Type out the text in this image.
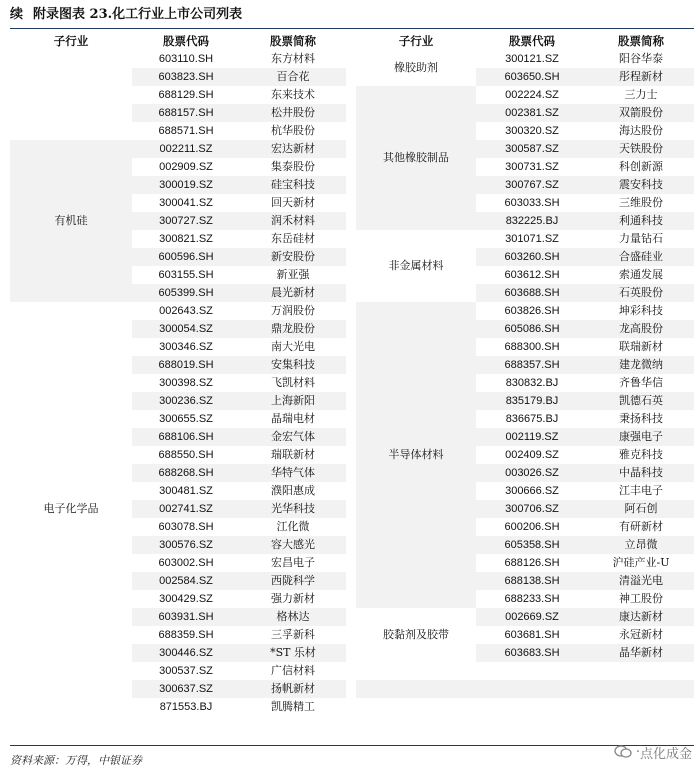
续 附录图表 23.化工行业上市公司列表
子行业	股票代码	股票简称		子行业	股票代码	股票简称
	603110.SH	东方材料		橡胶助剂	300121.SZ	阳谷华泰
	603823.SH	百合花			603650.SH	彤程新材
	688129.SH	东来技术		其他橡胶制品	002224.SZ	三力士
	688157.SH	松井股份			002381.SZ	双箭股份
	688571.SH	杭华股份			300320.SZ	海达股份
有机硅	002211.SZ	宏达新材			300587.SZ	天铁股份
	002909.SZ	集泰股份			300731.SZ	科创新源
	300019.SZ	硅宝科技			300767.SZ	震安科技
	300041.SZ	回天新材			603033.SH	三维股份
	300727.SZ	润禾材料			832225.BJ	利通科技
	300821.SZ	东岳硅材		非金属材料	301071.SZ	力量钻石
	600596.SH	新安股份			603260.SH	合盛硅业
	603155.SH	新亚强			603612.SH	索通发展
	605399.SH	晨光新材			603688.SH	石英股份
电子化学品	002643.SZ	万润股份		半导体材料	603826.SH	坤彩科技
	300054.SZ	鼎龙股份			605086.SH	龙高股份
	300346.SZ	南大光电			688300.SH	联瑞新材
	688019.SH	安集科技			688357.SH	建龙微纳
	300398.SZ	飞凯材料			830832.BJ	齐鲁华信
	300236.SZ	上海新阳			835179.BJ	凯德石英
	300655.SZ	晶瑞电材			836675.BJ	秉扬科技
	688106.SH	金宏气体			002119.SZ	康强电子
	688550.SH	瑞联新材			002409.SZ	雅克科技
	688268.SH	华特气体			003026.SZ	中晶科技
	300481.SZ	濮阳惠成			300666.SZ	江丰电子
	002741.SZ	光华科技			300706.SZ	阿石创
	603078.SH	江化微			600206.SH	有研新材
	300576.SZ	容大感光			605358.SH	立昂微
	603002.SH	宏昌电子			688126.SH	沪硅产业-U
	002584.SZ	西陇科学			688138.SH	清溢光电
	300429.SZ	强力新材			688233.SH	神工股份
	603931.SH	格林达		胶黏剂及胶带	002669.SZ	康达新材
	688359.SH	三孚新科			603681.SH	永冠新材
	300446.SZ	*ST 乐材			603683.SH	晶华新材
	300537.SZ	广信材料				
	300637.SZ	扬帆新材				
	871553.BJ	凯腾精工				
资料来源：万得，中银证券
· 点化成金
